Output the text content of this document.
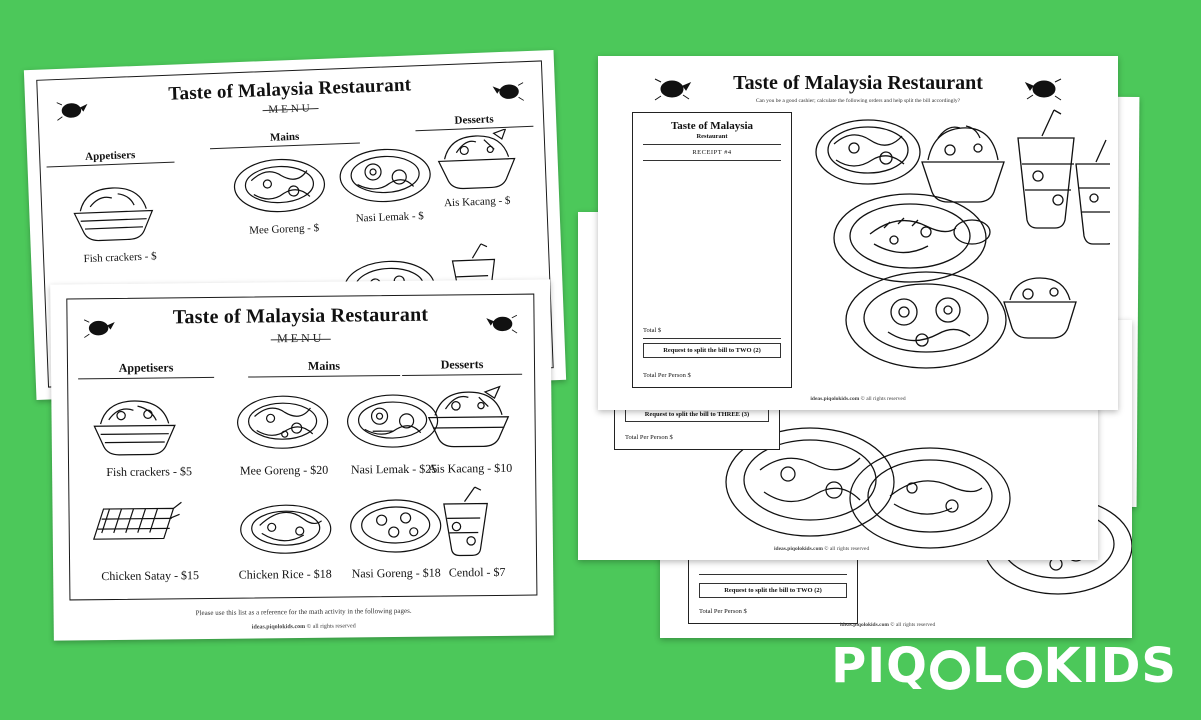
Request to split the bill to TWO (2)
Total Per Person $
ideas.piqolokids.com © all rights reserved
Request to split the bill to THREE (3)
Total Per Person $
ideas.piqolokids.com © all rights reserved
Taste of Malaysia Restaurant
Can you be a good cashier; calculate the following orders and help split the bill accordingly?
Taste of Malaysia
Restaurant
RECEIPT #4
Total $
Request to split the bill to TWO (2)
Total Per Person $
ideas.piqolokids.com © all rights reserved
Taste of Malaysia Restaurant
MENU
Appetisers
Mains
Desserts
Fish crackers - $
Mee Goreng - $
Nasi Lemak - $
Ais Kacang - $
Taste of Malaysia Restaurant
MENU
Appetisers	Mains	Desserts
Fish crackers - $5	Mee Goreng - $20	Nasi Lemak - $25
Ais Kacang - $10
Chicken Satay - $15	Chicken Rice - $18	Nasi Goreng - $18 Cendol - $7
Please use this list as a reference for the math activity in the following pages.
ideas.piqolokids.com © all rights reserved
PIQ L KIDS
